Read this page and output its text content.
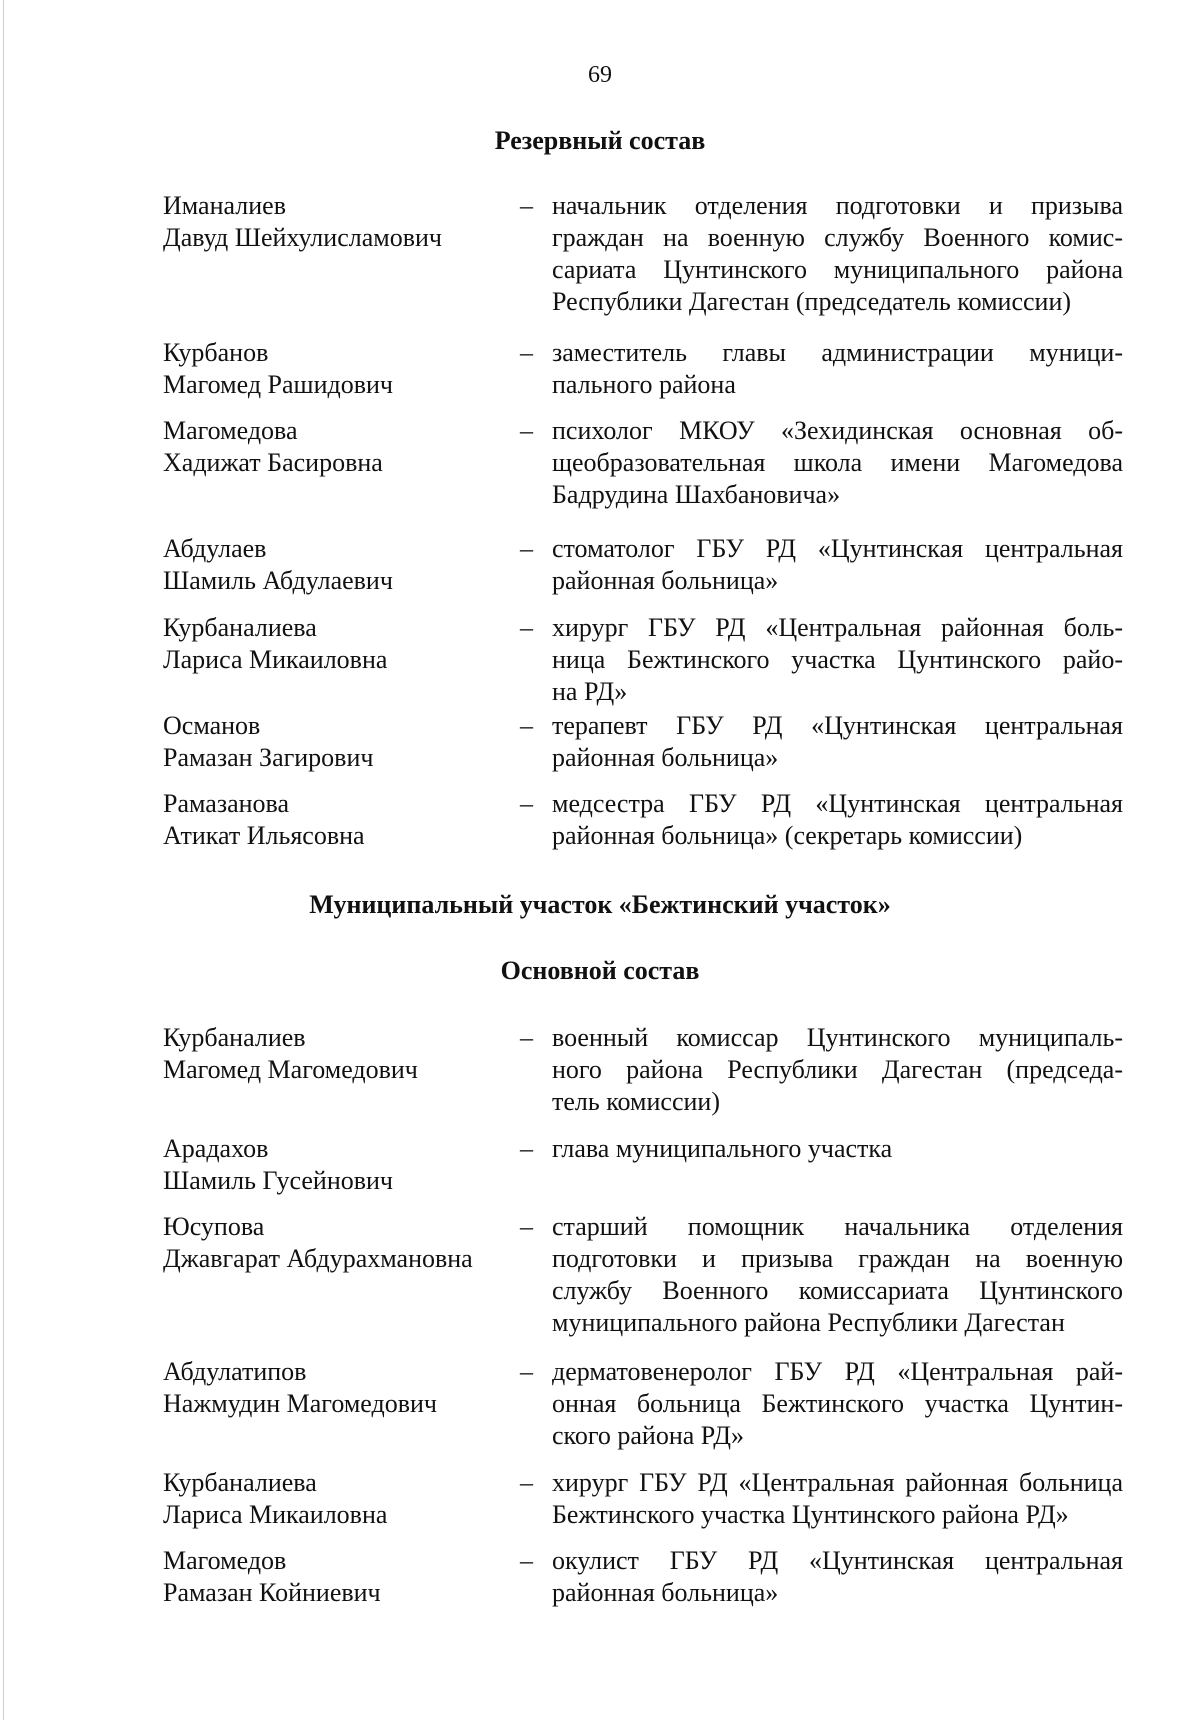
69
Резервный состав
Иманалиев
Давуд Шейхулисламович
– начальник отделения подготовки и призыва
граждан на военную службу Военного комис-
сариата Цунтинского муниципального района
Республики Дагестан (председатель комиссии)
Курбанов
Магомед Рашидович
– заместитель главы администрации муници-
пального района
Магомедова
Хадижат Басировна
– психолог МКОУ «Зехидинская основная об-
щеобразовательная школа имени Магомедова
Бадрудина Шахбановича»
Абдулаев
Шамиль Абдулаевич
– стоматолог ГБУ РД «Цунтинская центральная
районная больница»
Курбаналиева
Лариса Микаиловна
– хирург ГБУ РД «Центральная районная боль-
ница Бежтинского участка Цунтинского райо-
на РД»
Османов
Рамазан Загирович
– терапевт ГБУ РД «Цунтинская центральная
районная больница»
Рамазанова
Атикат Ильясовна
– медсестра ГБУ РД «Цунтинская центральная
районная больница» (секретарь комиссии)
Муниципальный участок «Бежтинский участок»
Основной состав
Курбаналиев
Магомед Магомедович
– военный комиссар Цунтинского муниципаль-
ного района Республики Дагестан (председа-
тель комиссии)
Арадахов
Шамиль Гусейнович
– глава муниципального участка
Юсупова
Джавгарат Абдурахмановна
– старший помощник начальника отделения
подготовки и призыва граждан на военную
службу Военного комиссариата Цунтинского
муниципального района Республики Дагестан
Абдулатипов
Нажмудин Магомедович
– дерматовенеролог ГБУ РД «Центральная рай-
онная больница Бежтинского участка Цунтин-
ского района РД»
Курбаналиева
Лариса Микаиловна
– хирург ГБУ РД «Центральная районная больница
Бежтинского участка Цунтинского района РД»
Магомедов
Рамазан Койниевич
– окулист ГБУ РД «Цунтинская центральная
районная больница»
